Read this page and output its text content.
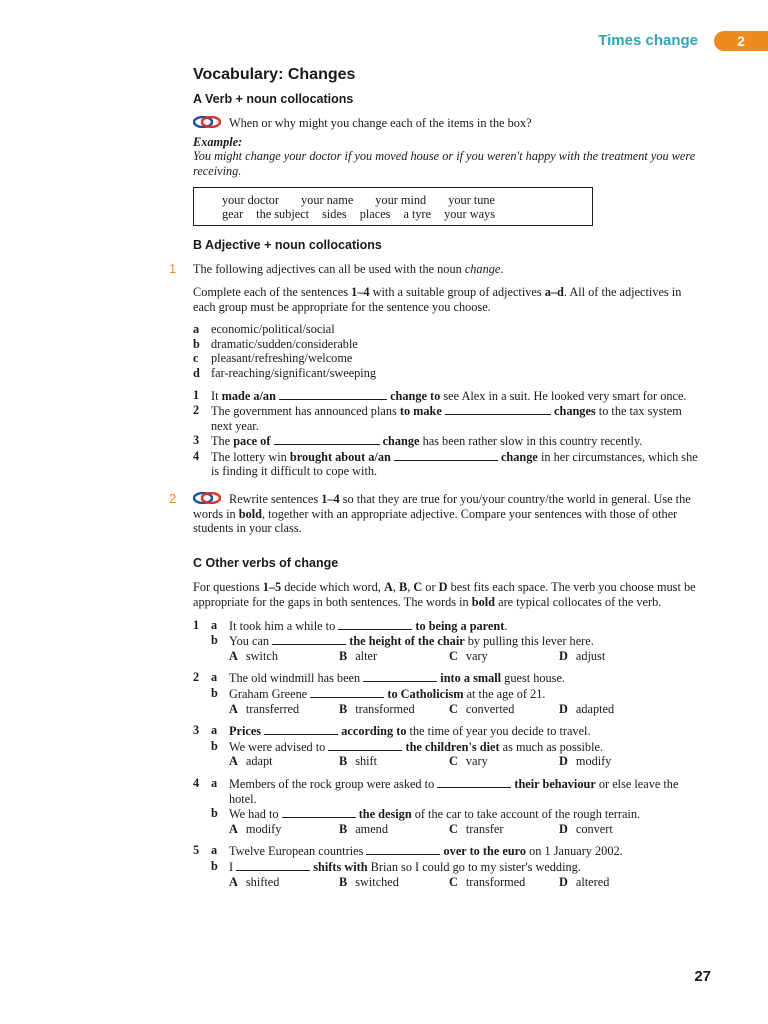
Times change	2
Vocabulary: Changes
A Verb + noun collocations

When or why might you change each of the items in the box?

Example:

You might change your doctor if you moved house or if you weren't happy with the treatment you were receiving.

your doctor your name your mind your tune
gear the subject sides places a tyre your ways
B Adjective + noun collocations
1 The following adjectives can all be used with the noun change.

Complete each of the sentences 1–4 with a suitable group of adjectives a–d. All of the adjectives in each group must be appropriate for the sentence you choose.

a economic/political/social
b dramatic/sudden/considerable
c	pleasant/refreshing/welcome
d far-reaching/significant/sweeping
1 It made a/an	change to see Alex in a suit. He looked very smart for once.
2 The government has announced plans to make	changes to the tax system next year.
3 The pace of	change has been rather slow in this country recently.
4 The lottery win brought about a/an	change in her circumstances, which she is finding it difficult to cope with.
2	Rewrite sentences 1–4 so that they are true for you/your country/the world in general. Use the words in bold, together with an appropriate adjective. Compare your sentences with those of other students in your class.
C Other verbs of change

For questions 1–5 decide which word, A, B, C or D best fits each space. The verb you choose must be appropriate for the gaps in both sentences. The words in bold are typical collocates of the verb.

1 a It took him a while to	to being a parent.
b You can	the height of the chair by pulling this lever here.
A switch	B alter	C vary	D adjust
2 a The old windmill has been	into a small guest house.
b Graham Greene	to Catholicism at the age of 21.
A transferred	B transformed	C converted	D adapted
3 a Prices	according to the time of year you decide to travel.
b We were advised to	the children's diet as much as possible.
A adapt	B shift	C vary	D modify
4 a Members of the rock group were asked to	their behaviour or else leave the hotel.
b We had to	the design of the car to take account of the rough terrain.
A modify	B amend	C transfer	D convert
5 a Twelve European countries	over to the euro on 1 January 2002.
b I	shifts with Brian so I could go to my sister's wedding.
A shifted	B switched	C transformed	D altered
27
